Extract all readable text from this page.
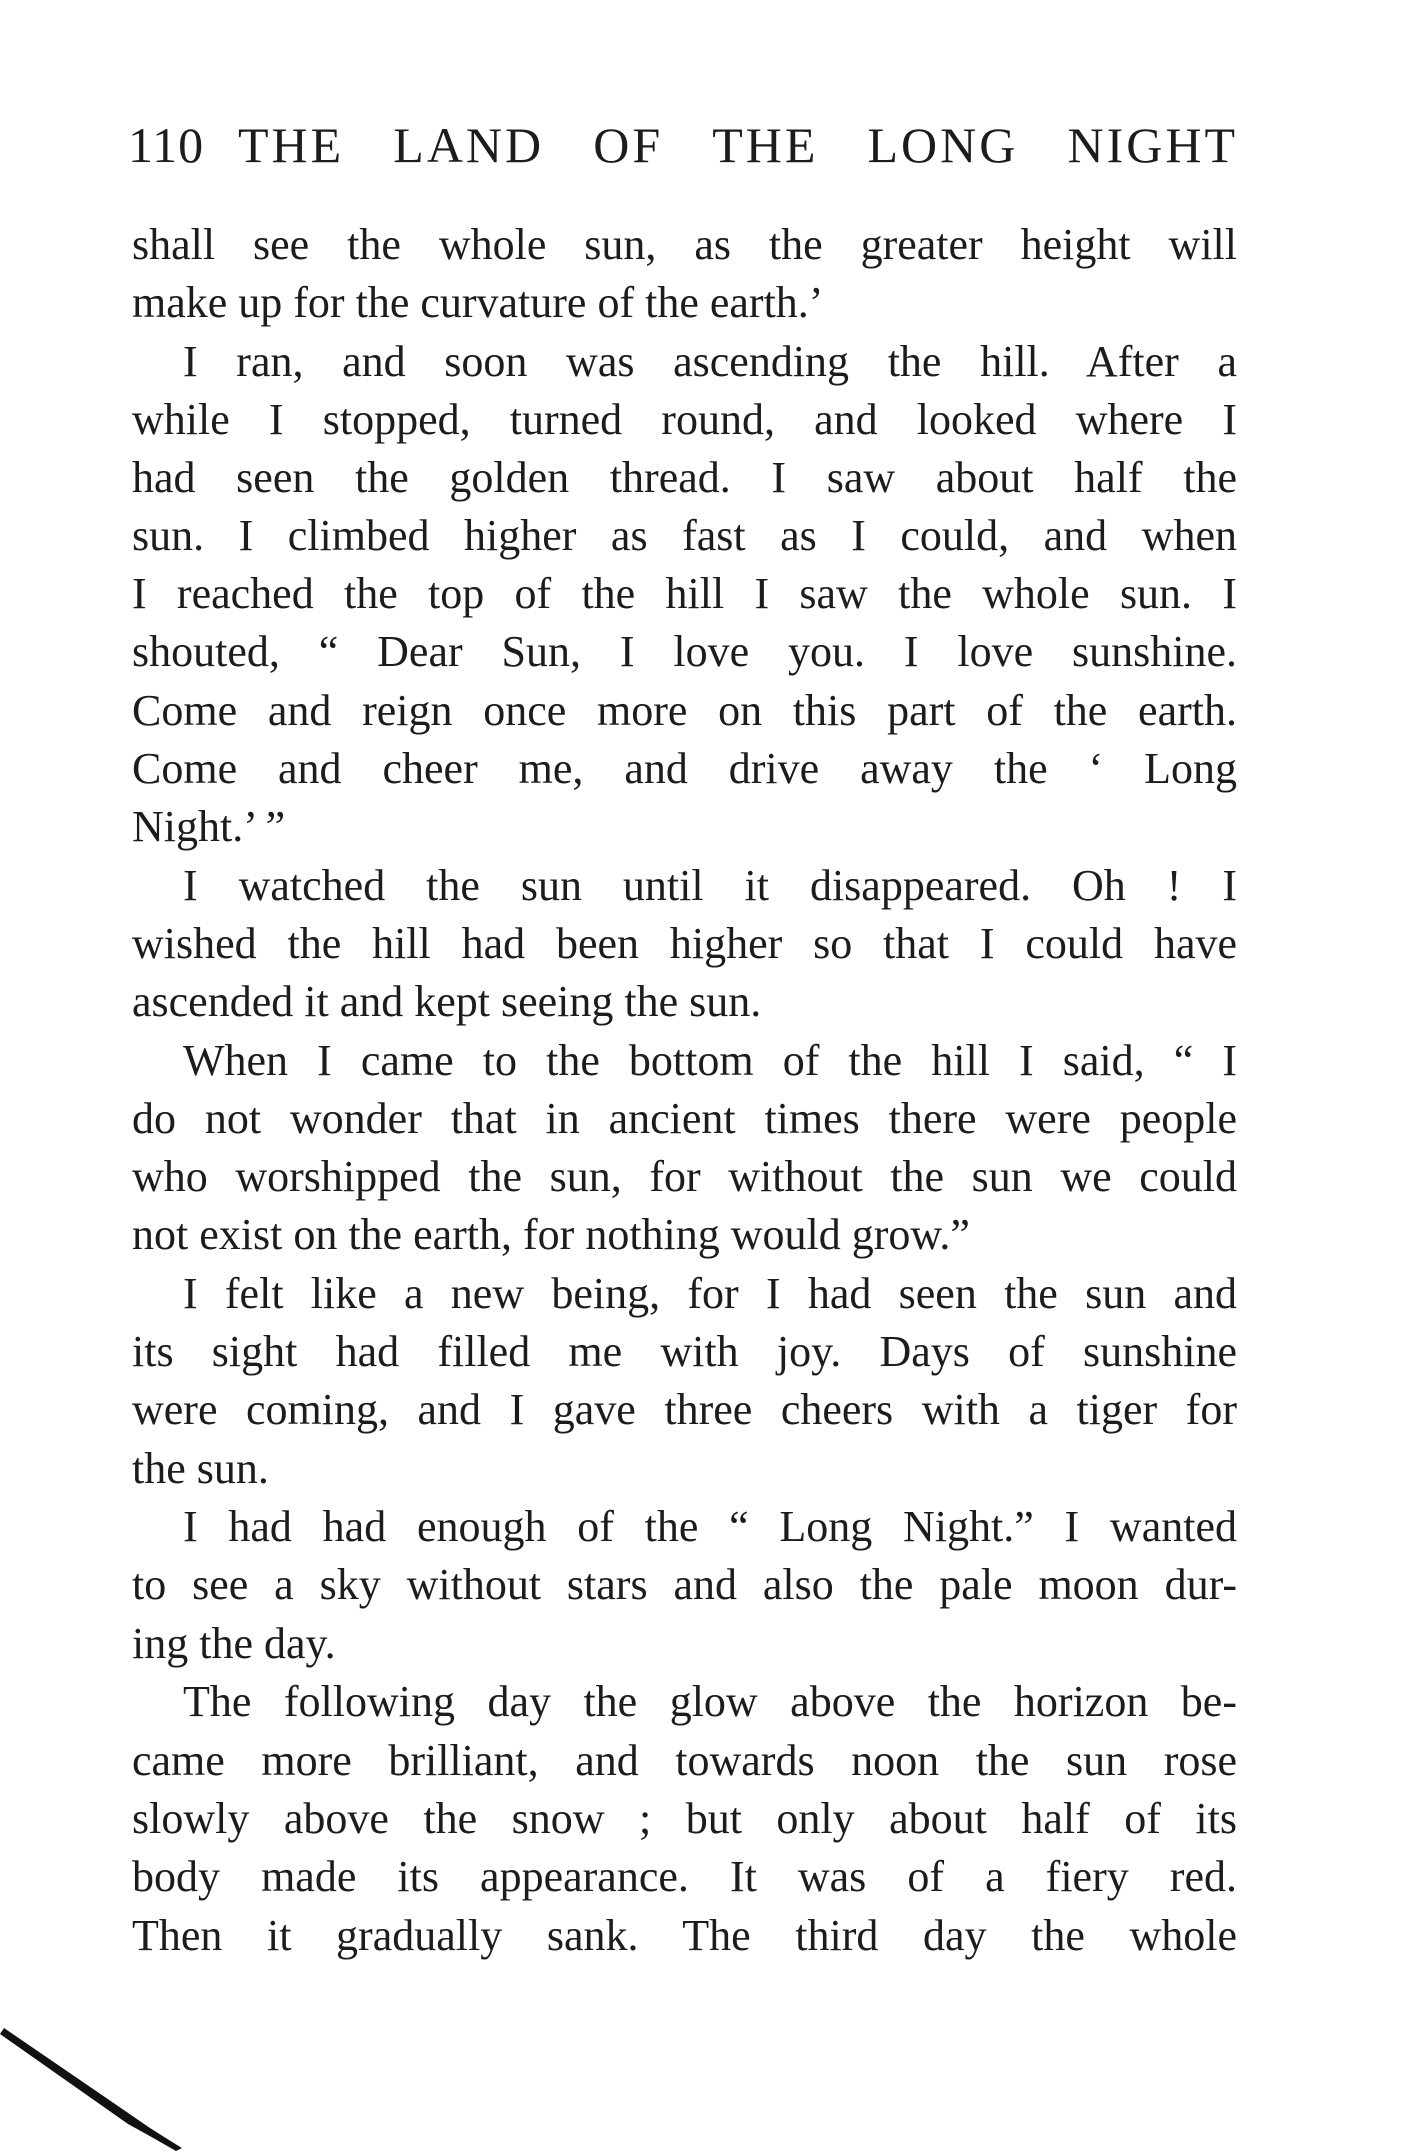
110 THE LAND OF THE LONG NIGHT
shall see the whole sun, as the greater height will
make up for the curvature of the earth.’
I ran, and soon was ascending the hill. After a
while I stopped, turned round, and looked where I
had seen the golden thread. I saw about half the
sun. I climbed higher as fast as I could, and when
I reached the top of the hill I saw the whole sun. I
shouted, “ Dear Sun, I love you. I love sunshine.
Come and reign once more on this part of the earth.
Come and cheer me, and drive away the ‘ Long
Night.’ ”
I watched the sun until it disappeared. Oh ! I
wished the hill had been higher so that I could have
ascended it and kept seeing the sun.
When I came to the bottom of the hill I said, “ I
do not wonder that in ancient times there were people
who worshipped the sun, for without the sun we could
not exist on the earth, for nothing would grow.”
I felt like a new being, for I had seen the sun and
its sight had filled me with joy. Days of sunshine
were coming, and I gave three cheers with a tiger for
the sun.
I had had enough of the “ Long Night.” I wanted
to see a sky without stars and also the pale moon dur-
ing the day.
The following day the glow above the horizon be-
came more brilliant, and towards noon the sun rose
slowly above the snow ; but only about half of its
body made its appearance. It was of a fiery red.
Then it gradually sank. The third day the whole
